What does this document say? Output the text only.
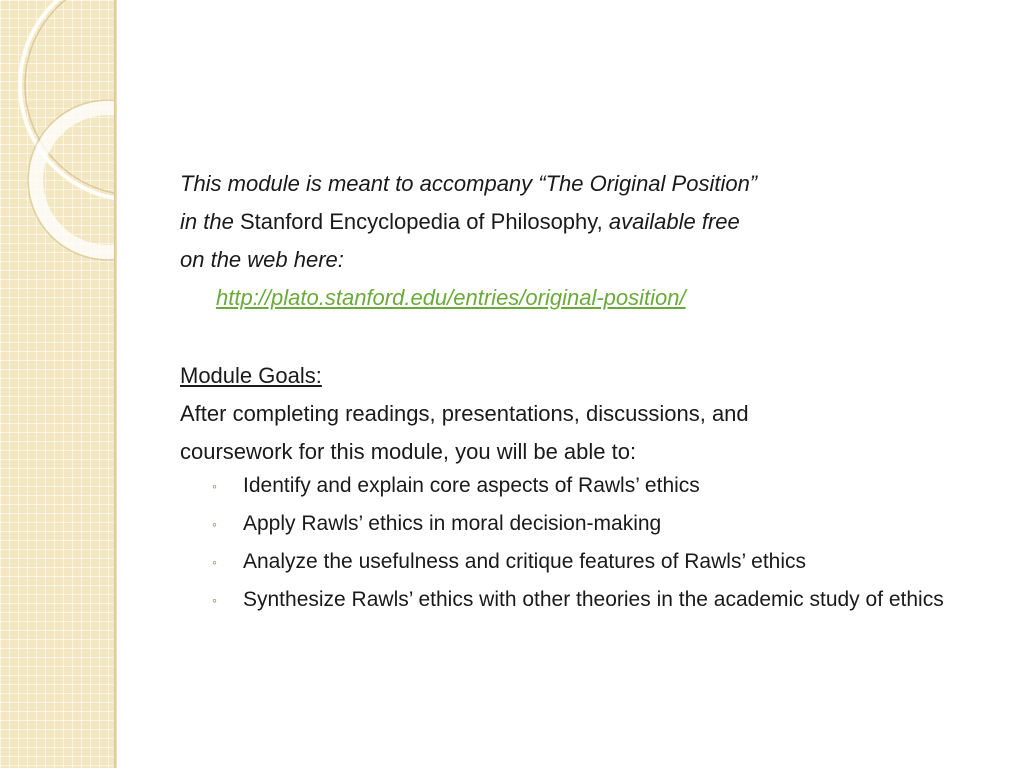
This module is meant to accompany “The Original Position”
in the Stanford Encyclopedia of Philosophy, available free
on the web here:
http://plato.stanford.edu/entries/original-position/
Module Goals:
After completing readings, presentations, discussions, and
coursework for this module, you will be able to:
◦ Identify and explain core aspects of Rawls’ ethics
◦ Apply Rawls’ ethics in moral decision-making
◦ Analyze the usefulness and critique features of Rawls’ ethics
◦ Synthesize Rawls’ ethics with other theories in the academic study of ethics
